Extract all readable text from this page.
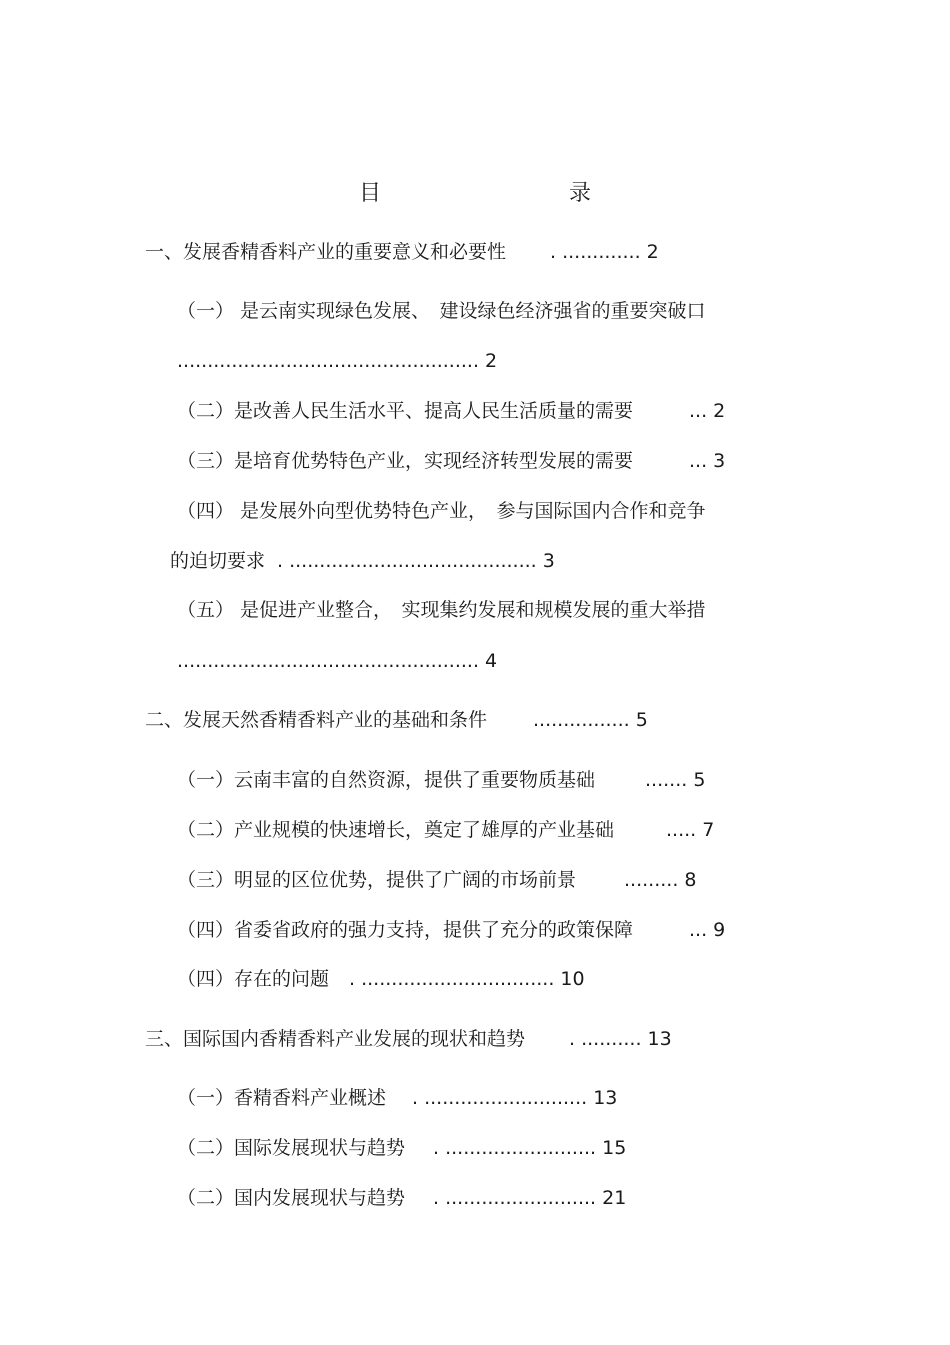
目　　录
一、发展香精香料产业的重要意义和必要性 . ............. 2
（一） 是云南实现绿色发展、　建设绿色经济强省的重要突破口
.................................................. 2
（二）是改善人民生活水平、提高人民生活质量的需要	... 2
（三）是培育优势特色产业，实现经济转型发展的需要	... 3
（四） 是发展外向型优势特色产业，　参与国际国内合作和竞争
的迫切要求 . ......................................... 3
（五） 是促进产业整合，　实现集约发展和规模发展的重大举措
.................................................. 4
二、发展天然香精香料产业的基础和条件 ................ 5
（一）云南丰富的自然资源，提供了重要物质基础	....... 5
（二）产业规模的快速增长，奠定了雄厚的产业基础	..... 7
（三）明显的区位优势，提供了广阔的市场前景	......... 8
（四）省委省政府的强力支持，提供了充分的政策保障	... 9
（四）存在的问题 . ................................ 10
三、国际国内香精香料产业发展的现状和趋势 . .......... 13
（一）香精香料产业概述 . ........................... 13
（二）国际发展现状与趋势 . ......................... 15
（二）国内发展现状与趋势 . ......................... 21
